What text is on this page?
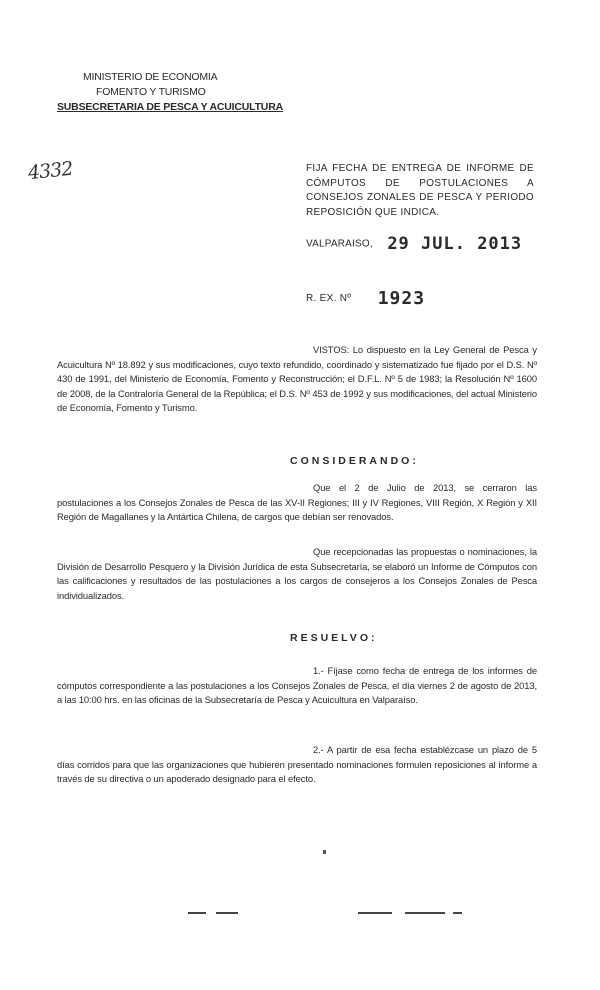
MINISTERIO DE ECONOMIA
FOMENTO Y TURISMO
SUBSECRETARIA DE PESCA Y ACUICULTURA
4332	FIJA FECHA DE ENTREGA DE INFORME DE CÓMPUTOS DE POSTULACIONES A CONSEJOS ZONALES DE PESCA Y PERIODO REPOSICIÓN QUE INDICA.
VALPARAISO, 29 JUL. 2013
R. EX. Nº 1923
VISTOS: Lo dispuesto en la Ley General de Pesca y Acuicultura Nº 18.892 y sus modificaciones, cuyo texto refundido, coordinado y sistematizado fue fijado por el D.S. Nº 430 de 1991, del Ministerio de Economía, Fomento y Reconstrucción; el D.F.L. Nº 5 de 1983; la Resolución Nº 1600 de 2008, de la Contraloría General de la República; el D.S. Nº 453 de 1992 y sus modificaciones, del actual Ministerio de Economía, Fomento y Turismo.
CONSIDERANDO:
Que el 2 de Julio de 2013, se cerraron las postulaciones a los Consejos Zonales de Pesca de las XV-II Regiones; III y IV Regiones, VIII Región, X Región y XII Región de Magallanes y la Antártica Chilena, de cargos que debían ser renovados.
Que recepcionadas las propuestas o nominaciones, la División de Desarrollo Pesquero y la División Jurídica de esta Subsecretaría, se elaboró un Informe de Cómputos con las calificaciones y resultados de las postulaciones a los cargos de consejeros a los Consejos Zonales de Pesca individualizados.
RESUELVO:
1.- Fíjase como fecha de entrega de los informes de cómputos correspondiente a las postulaciones a los Consejos Zonales de Pesca, el día viernes 2 de agosto de 2013, a las 10:00 hrs. en las oficinas de la Subsecretaría de Pesca y Acuicultura en Valparaíso.
2.- A partir de esa fecha establézcase un plazo de 5 días corridos para que las organizaciones que hubieren presentado nominaciones formulen reposiciones al informe a través de su directiva o un apoderado designado para el efecto.
